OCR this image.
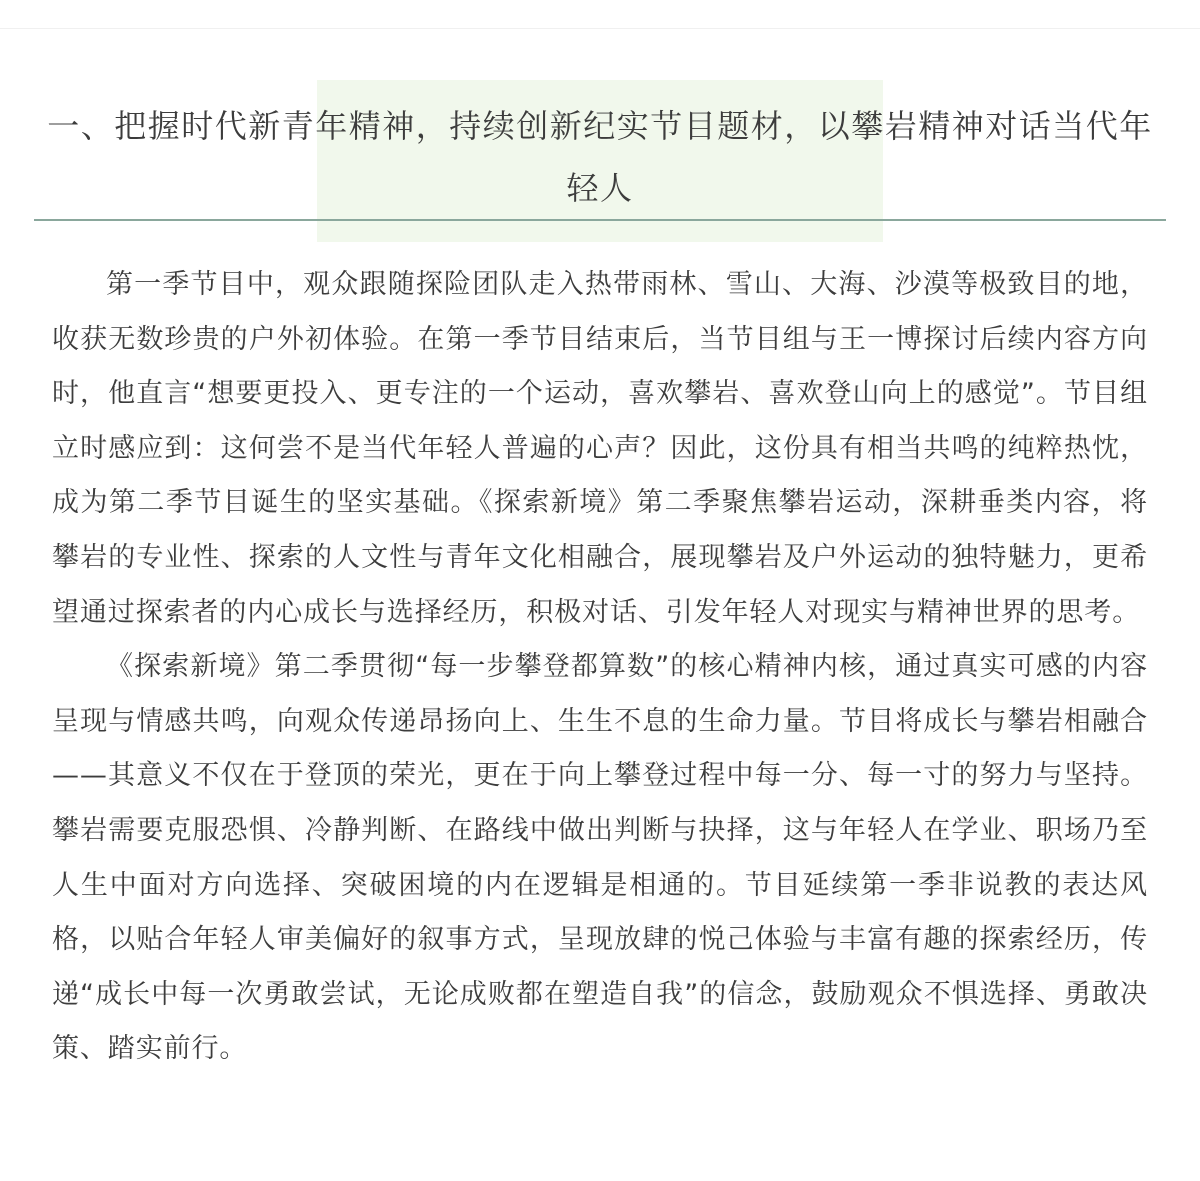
一、把握时代新青年精神，持续创新纪实节目题材，以攀岩精神对话当代年轻人

第一季节目中，观众跟随探险团队走入热带雨林、雪山、大海、沙漠等极致目的地，收获无数珍贵的户外初体验。在第一季节目结束后，当节目组与王一博探讨后续内容方向时，他直言“想要更投入、更专注的一个运动，喜欢攀岩、喜欢登山向上的感觉”。节目组立时感应到：这何尝不是当代年轻人普遍的心声？因此，这份具有相当共鸣的纯粹热忱，成为第二季节目诞生的坚实基础。《探索新境》第二季聚焦攀岩运动，深耕垂类内容，将攀岩的专业性、探索的人文性与青年文化相融合，展现攀岩及户外运动的独特魅力，更希望通过探索者的内心成长与选择经历，积极对话、引发年轻人对现实与精神世界的思考。

《探索新境》第二季贯彻“每一步攀登都算数”的核心精神内核，通过真实可感的内容呈现与情感共鸣，向观众传递昂扬向上、生生不息的生命力量。节目将成长与攀岩相融合——其意义不仅在于登顶的荣光，更在于向上攀登过程中每一分、每一寸的努力与坚持。攀岩需要克服恐惧、冷静判断、在路线中做出判断与抉择，这与年轻人在学业、职场乃至人生中面对方向选择、突破困境的内在逻辑是相通的。节目延续第一季非说教的表达风格，以贴合年轻人审美偏好的叙事方式，呈现放肆的悦己体验与丰富有趣的探索经历，传递“成长中每一次勇敢尝试，无论成败都在塑造自我”的信念，鼓励观众不惧选择、勇敢决策、踏实前行。
